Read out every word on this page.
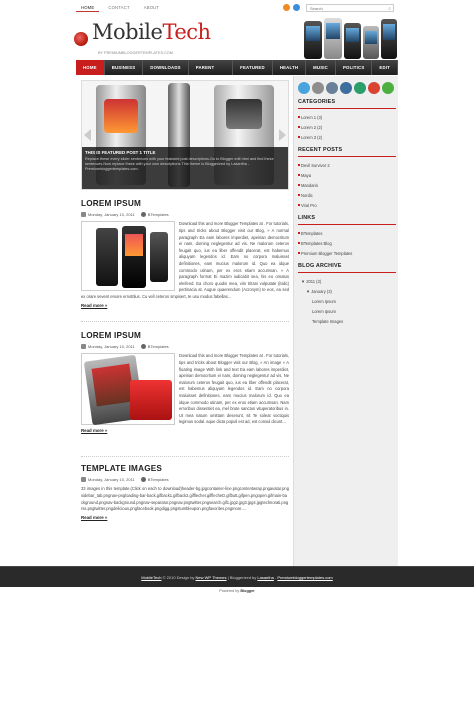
HOME	CONTACT	ABOUT
Search	⌕
MobileTech
BY PREMIUMBLOGGERTEMPLATES.COM
HOME	BUSINESS	DOWNLOADS	PARENT	FEATURED	HEALTH	MUSIC	POLITICS	EDIT
THIS IS FEATURED POST 1 TITLE
Replace these every slider sentences with your featured post descriptions.Go to Blogger edit html and find these sentences.Now replace these with your own descriptions.This theme is Bloggerized by Lasantha - Premiumbloggertemplates.com.
LOREM IPSUM
Monday, January 10, 2011	BTemplates
Download this and more Blogger Templates at . For tutorials, tips and tricks about Blogger visit our Blog, » A normal paragraph Ea eam labores imperdiet, apeirian democritum ei nam, doming neglegentur ad vis. Ne malorum ceteros feugait quo, ius ea liber offendit placerat, est habemus aliquyam legendos id. Eam no corpora maluisset definitiones, eam mucius malorum id. Quo ea idque commodo utinam, per ex eros etiam accumsan. » A paragraph format Ei mazim iudicabit sea, his eu ornatus eleifend. Ea choro quodsi mea, vim tritani vulputate (italic) pertinacia at. Augue quaerendum (Acronym) te eos, ea sed ex orare sevent ervore ernottlius. Cu vell ceteros smpisert, te usu modus fabellas...
Read more »
LOREM IPSUM
Monday, January 10, 2011	BTemplates
Download this and more Blogger Templates at . For tutorials, tips and tricks about Blogger visit our Blog, » An image » A floating image With link and text Ea eam labores imperdiet, apeirian democritum ei nam, doming neglegentur ad vis. Ne malorum ceteros feugait quo, ius ea liber offendit placerat, est habemus aliquyam legendos id. Eam no corpora maluisset definitiones, eam mucius malorum id. Quo ea idque commodo utinam, per ex eros etiam accumsan. Nam erroribus dissentiet ea, mel brute sanctus vituperatoribus in. Ut mea natum omittam deserunt, sit Te soleat voctiquis legimus sodal. aque dicta populi est ad, est consul dicunt...
Read more »
TEMPLATE IMAGES
Monday, January 10, 2011	BTemplates
33 images in this template.(Click on each to download)header-bg.jpgcontainer-line.pngcontentwrap.pngavatar.pngsidebar_tab.pngnav-pngloading-bar-back.gifback1.gifback2.gifflecheI.gifflecheD.gifbutt.gifpen.pngopen.gifmain-background.pngnav-background.pngnav-separator.pngnav.pngtwitter.pngsearch.gif1.jpg2.jpg3.jpg4.jpgtechnorati.pngrss.pngtwitter.pngdelicious.pngfacebook.pngdigg.pngstumbleupon.pngfavorites.pngmore....
Read more »
CATEGORIES
Lorem 1 (3)
Lorem 2 (2)
Lorem 3 (2)
RECENT POSTS
Devil Survivor 2
Maya
Mandarin
Nordic
Viral Pro
LINKS
BTemplates
BTemplates Blog
Premium Blogger Templates
BLOG ARCHIVE
▼ 2011 (3)
▼ January (3)
Lorem Ipsum
Lorem Ipsum
Template Images
MobileTech © 2010 Design by New WP Themes | Bloggerized by Lasantha - Premiumbloggertemplates.com
Powered by Blogger
